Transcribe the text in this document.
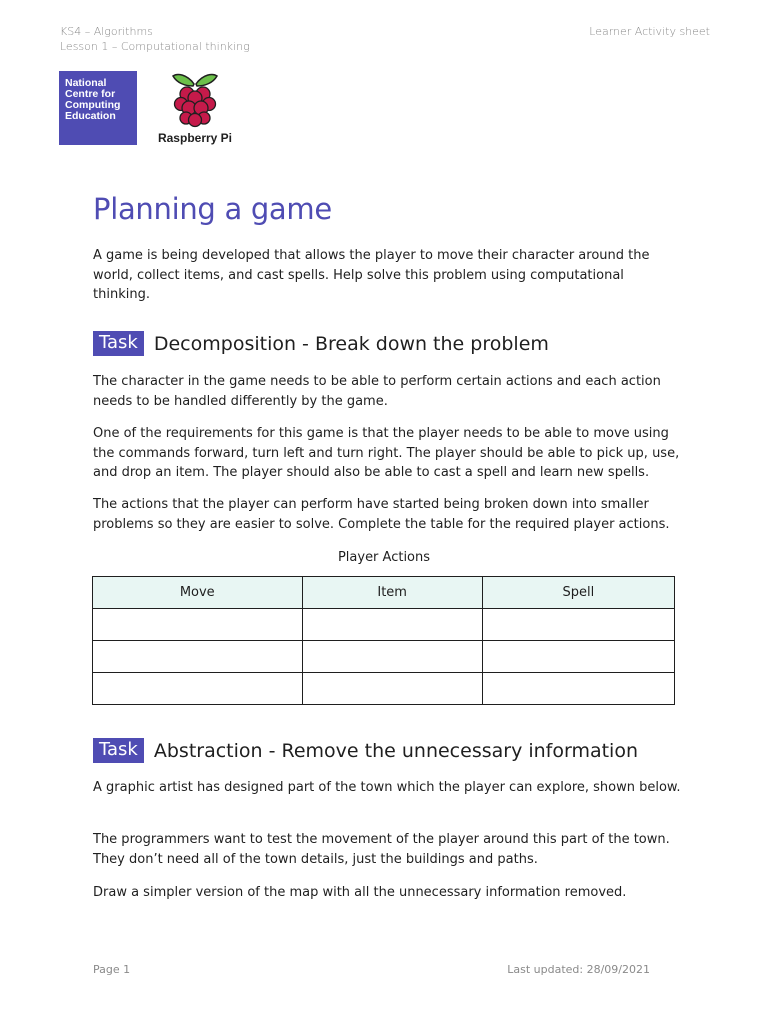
KS4 – Algorithms
Lesson 1 – Computational thinking
Learner Activity sheet
National
Centre for
Computing
Education
Raspberry Pi
Planning a game

A game is being developed that allows the player to move their character around the world, collect items, and cast spells. Help solve this problem using computational thinking.

Task Decomposition - Break down the problem

The character in the game needs to be able to perform certain actions and each action needs to be handled differently by the game.

One of the requirements for this game is that the player needs to be able to move using the commands forward, turn left and turn right. The player should be able to pick up, use, and drop an item. The player should also be able to cast a spell and learn new spells.

The actions that the player can perform have started being broken down into smaller problems so they are easier to solve. Complete the table for the required player actions.

Player Actions
Move	Item	Spell

Task Abstraction - Remove the unnecessary information

A graphic artist has designed part of the town which the player can explore, shown below.

The programmers want to test the movement of the player around this part of the town. They don’t need all of the town details, just the buildings and paths.

Draw a simpler version of the map with all the unnecessary information removed.

Page 1	Last updated: 28/09/2021
